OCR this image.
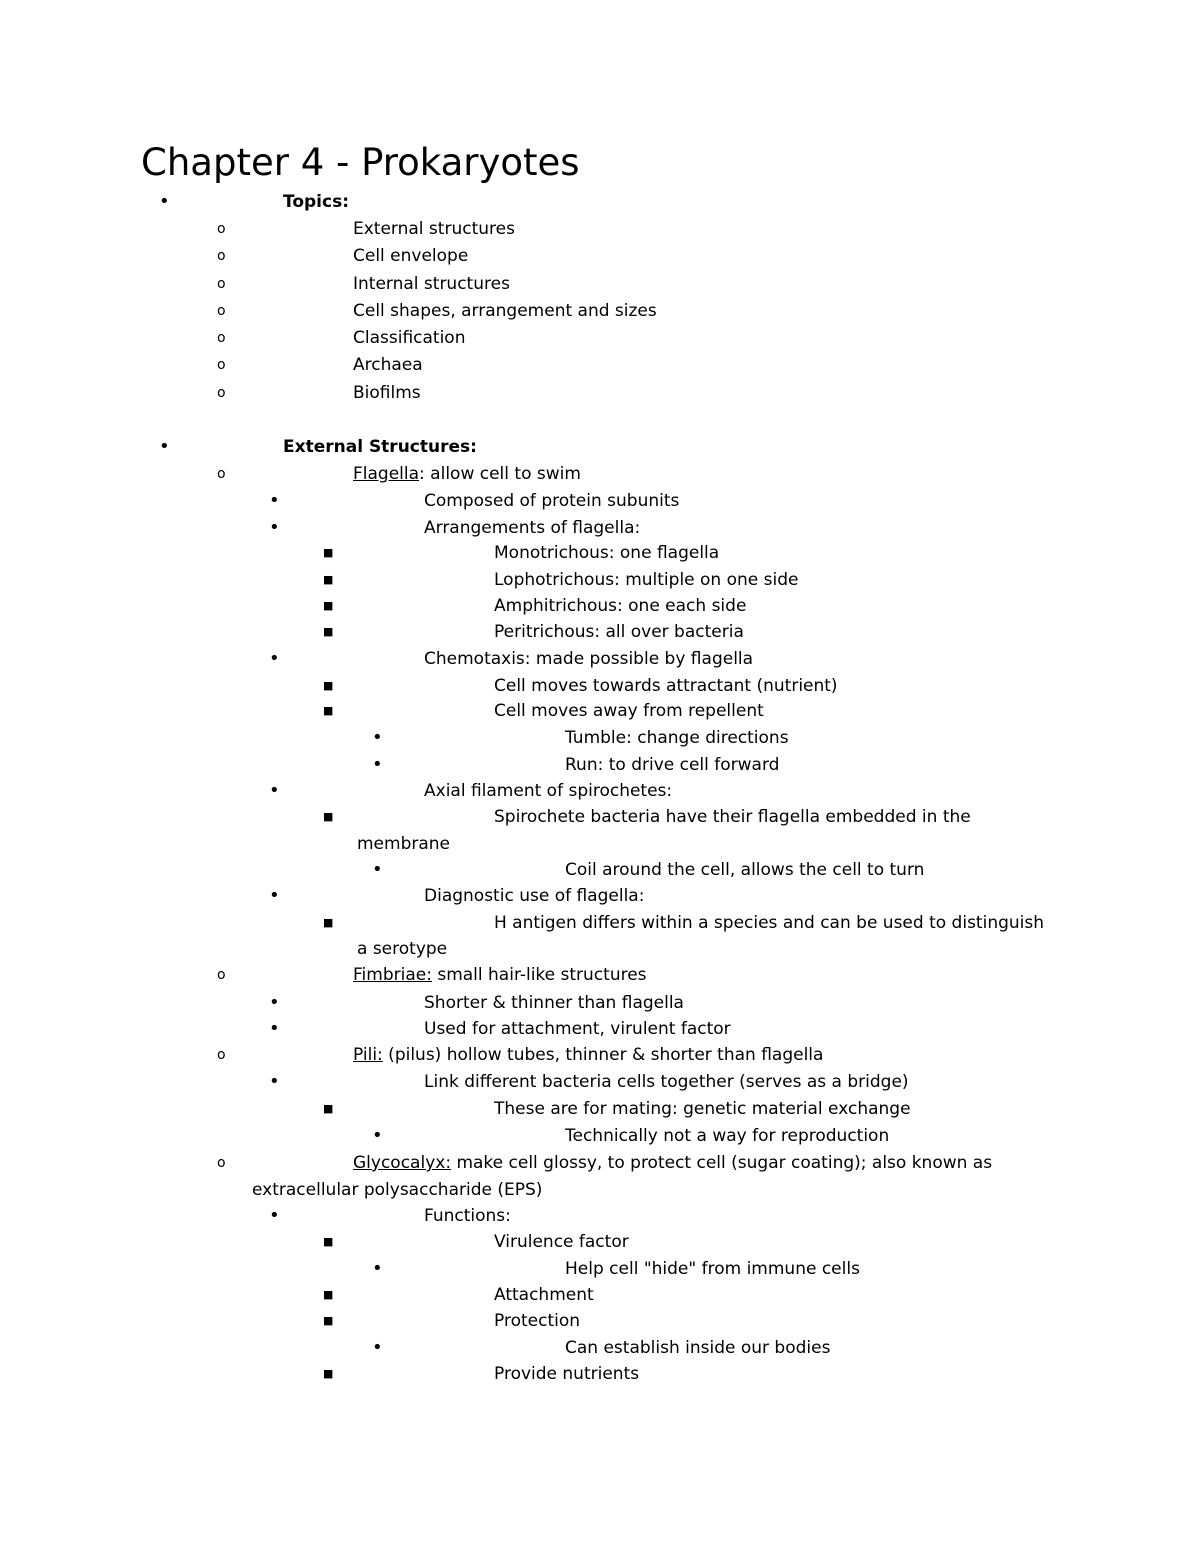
Chapter 4 - Prokaryotes
•	Topics:
o	External structures
o	Cell envelope
o	Internal structures
o	Cell shapes, arrangement and sizes
o	Classification
o	Archaea
o	Biofilms
•	External Structures:
o	Flagella: allow cell to swim
•	Composed of protein subunits
•	Arrangements of flagella:
■	Monotrichous: one flagella
■	Lophotrichous: multiple on one side
■	Amphitrichous: one each side
■	Peritrichous: all over bacteria
•	Chemotaxis: made possible by flagella
■	Cell moves towards attractant (nutrient)
■	Cell moves away from repellent
•	Tumble: change directions
•	Run: to drive cell forward
•	Axial filament of spirochetes:
■	Spirochete bacteria have their flagella embedded in the
membrane
•	Coil around the cell, allows the cell to turn
•	Diagnostic use of flagella:
■	H antigen differs within a species and can be used to distinguish
a serotype
o	Fimbriae: small hair-like structures
•	Shorter & thinner than flagella
•	Used for attachment, virulent factor
o	Pili: (pilus) hollow tubes, thinner & shorter than flagella
•	Link different bacteria cells together (serves as a bridge)
■	These are for mating: genetic material exchange
•	Technically not a way for reproduction
o	Glycocalyx: make cell glossy, to protect cell (sugar coating); also known as
extracellular polysaccharide (EPS)
•	Functions:
■	Virulence factor
•	Help cell "hide" from immune cells
■	Attachment
■	Protection
•	Can establish inside our bodies
■	Provide nutrients
